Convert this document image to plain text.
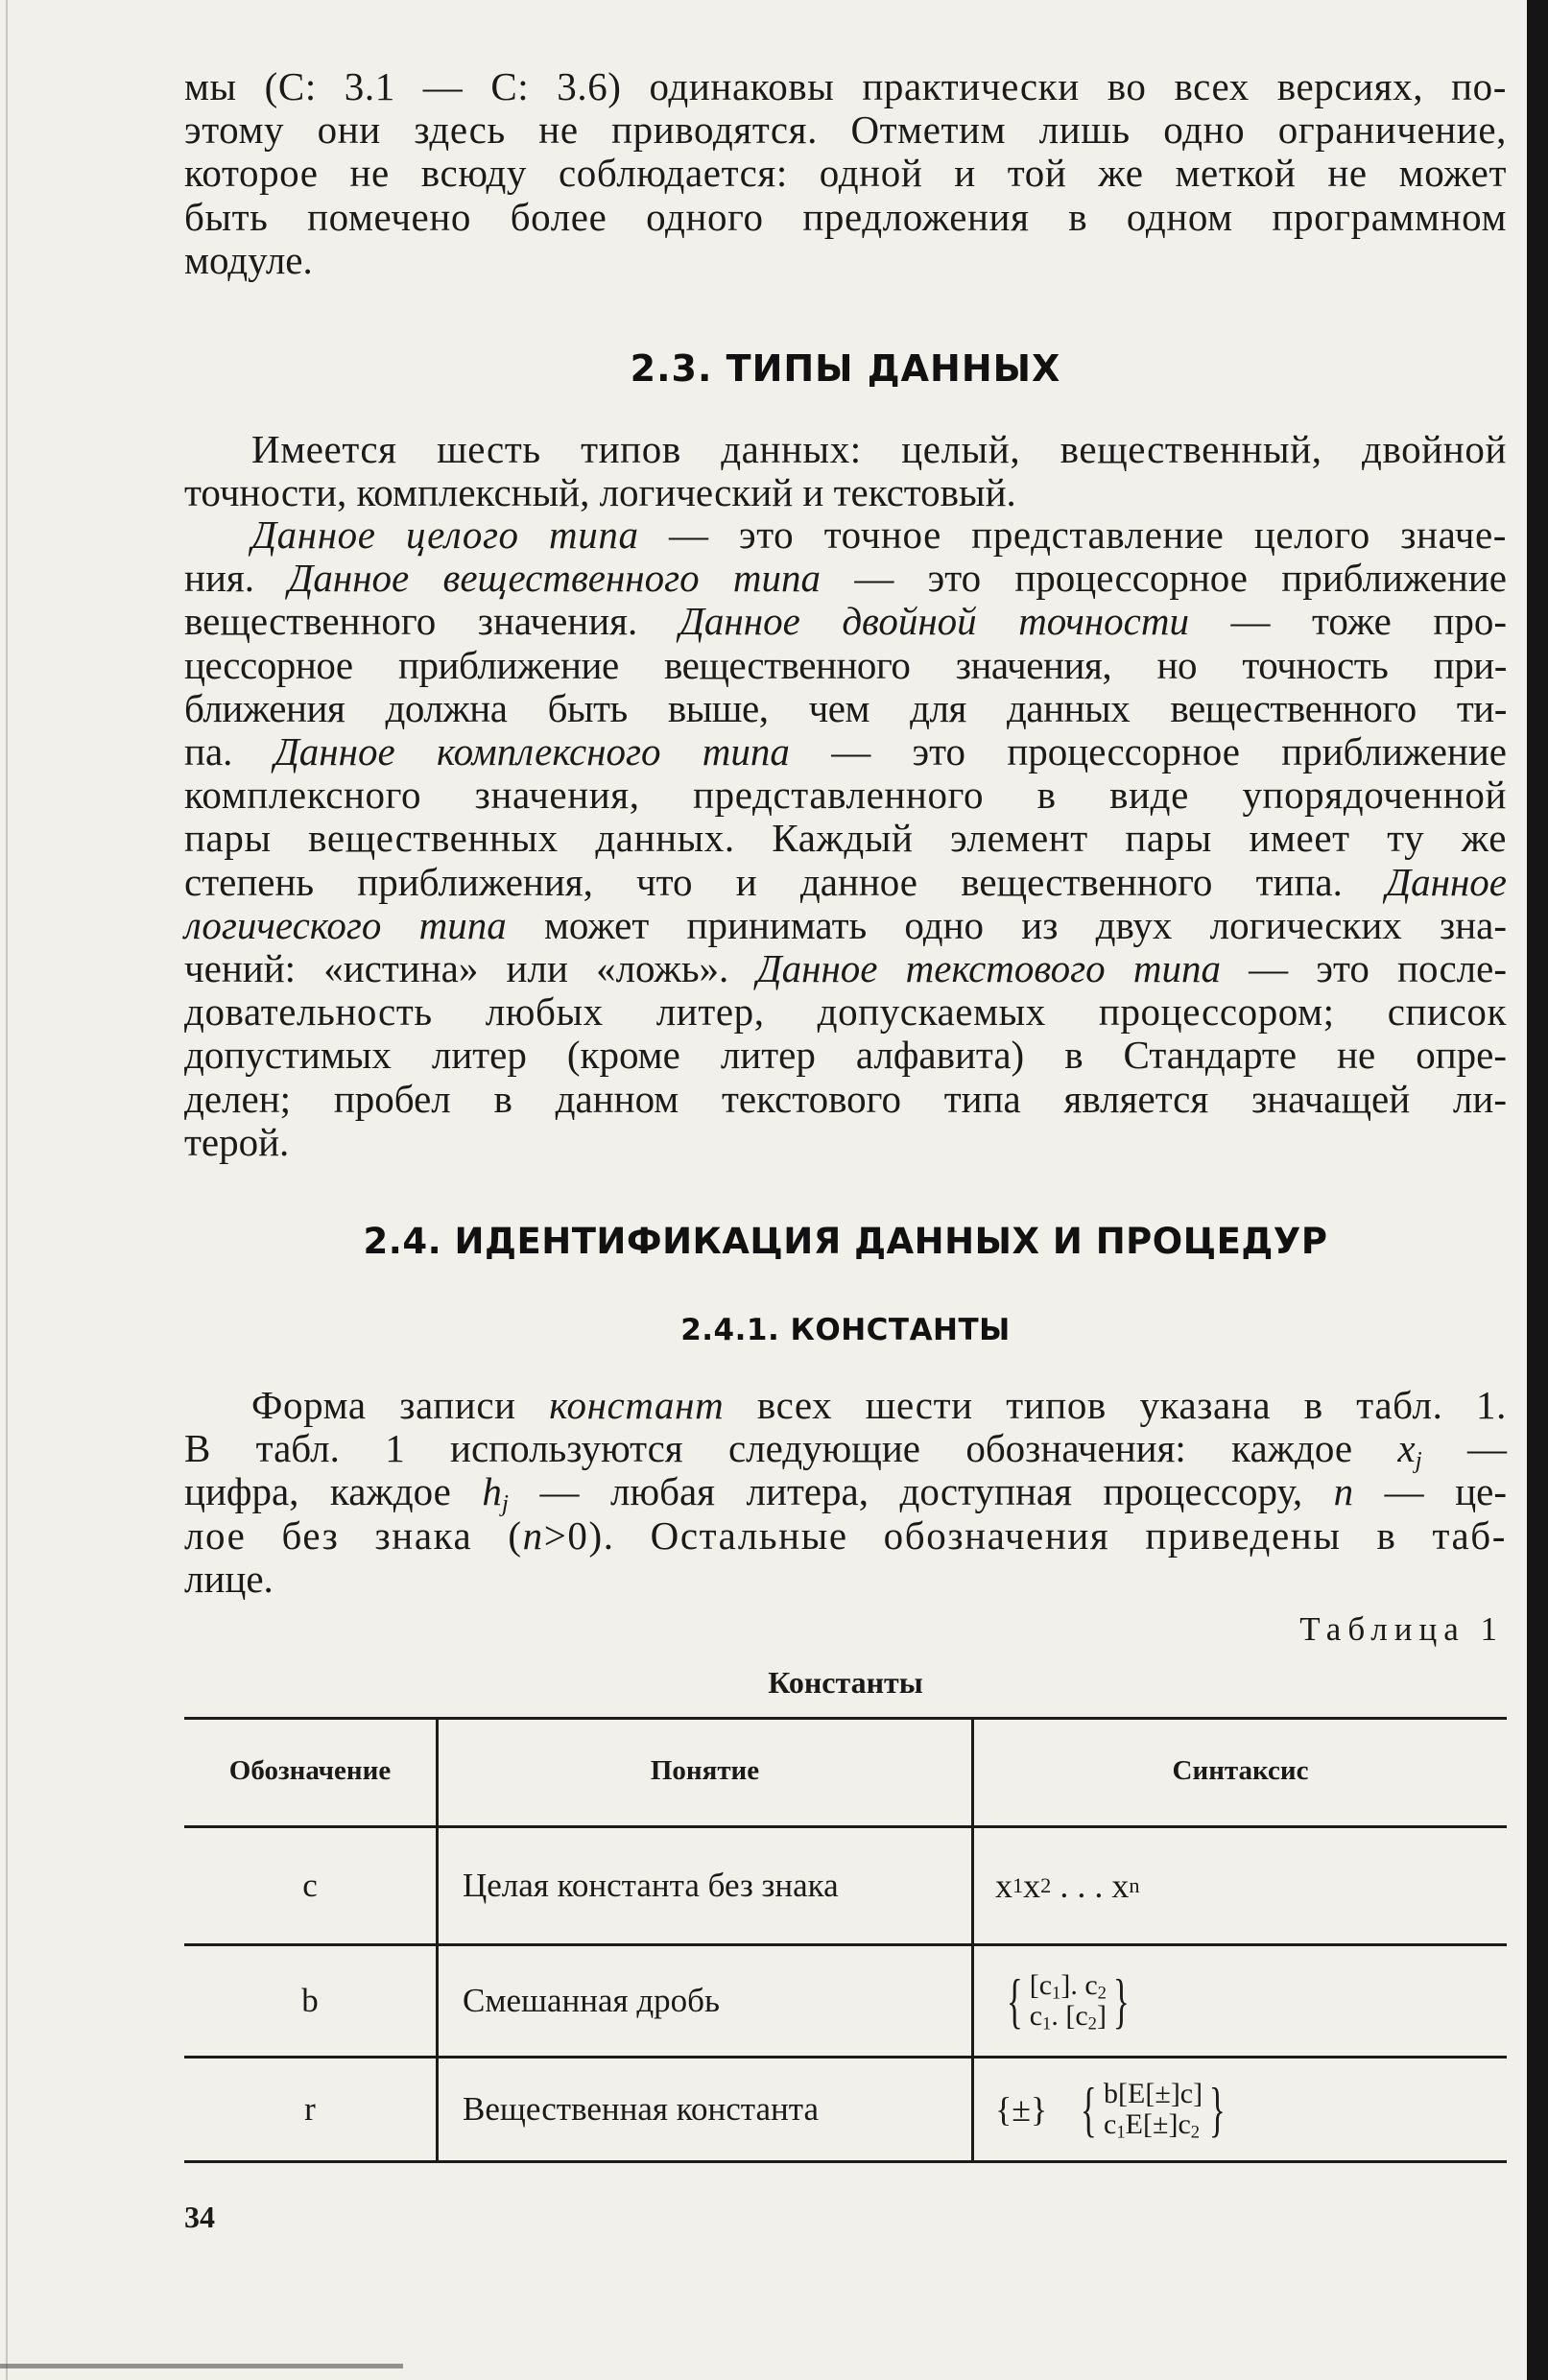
мы (C: 3.1 — C: 3.6) одинаковы практически во всех версиях, по-

этому они здесь не приводятся. Отметим лишь одно ограничение,

которое не всюду соблюдается: одной и той же меткой не может

быть помечено более одного предложения в одном программном

модуле.

2.3. ТИПЫ ДАННЫХ

Имеется шесть типов данных: целый, вещественный, двойной

точности, комплексный, логический и текстовый.

Данное целого типа — это точное представление целого значе-

ния. Данное вещественного типа — это процессорное приближение

вещественного значения. Данное двойной точности — тоже про-

цессорное приближение вещественного значения, но точность при-

ближения должна быть выше, чем для данных вещественного ти-

па. Данное комплексного типа — это процессорное приближение

комплексного значения, представленного в виде упорядоченной

пары вещественных данных. Каждый элемент пары имеет ту же

степень приближения, что и данное вещественного типа. Данное

логического типа может принимать одно из двух логических зна-

чений: «истина» или «ложь». Данное текстового типа — это после-

довательность любых литер, допускаемых процессором; список

допустимых литер (кроме литер алфавита) в Стандарте не опре-

делен; пробел в данном текстового типа является значащей ли-

терой.

2.4. ИДЕНТИФИКАЦИЯ ДАННЫХ И ПРОЦЕДУР
2.4.1. КОНСТАНТЫ

Форма записи констант всех шести типов указана в табл. 1.

В табл. 1 используются следующие обозначения: каждое $x_j$ —

цифра, каждое $h_j$ — любая литера, доступная процессору, n — це-

лое без знака (n>0). Остальные обозначения приведены в таб-

лице.

Таблица 1
Константы
Обозначение	Понятие	Синтаксис
c	Целая константа без знака	x 1 x 2 . . . x n
b	Смешанная дробь	{ $[c_1]$. $c_2$
$c_1$. $[c_2]$ }
r	Вещественная константа	{±} { b[E[±]c]
$c_1E[\pm]c_2$ }
34
